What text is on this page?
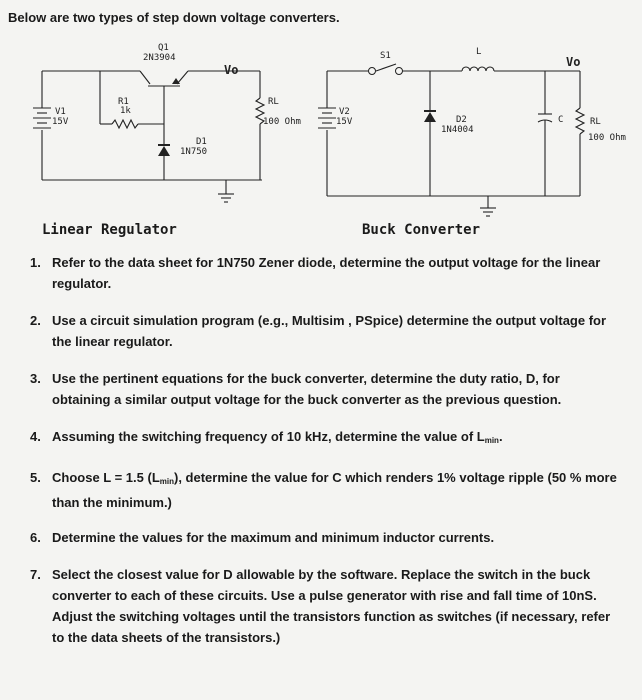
Below are two types of step down voltage converters.
Q1
2N3904
Vo
R1
1k
V1
15V
RL
100 Ohm
D1
1N750
S1	L
Vo
V2
15V	D2
1N4004
C	RL
100 Ohm
Linear Regulator	Buck Converter
1. Refer to the data sheet for 1N750 Zener diode, determine the output voltage for the linear regulator.
2. Use a circuit simulation program (e.g., Multisim , PSpice) determine the output voltage for the linear regulator.
3. Use the pertinent equations for the buck converter, determine the duty ratio, D, for obtaining a similar output voltage for the buck converter as the previous question.
4. Assuming the switching frequency of 10 kHz, determine the value of $L_{min}$.
5. Choose L = 1.5 $(L_{min})$, determine the value for C which renders 1% voltage ripple (50 % more than the minimum.)
6. Determine the values for the maximum and minimum inductor currents.
7. Select the closest value for D allowable by the software. Replace the switch in the buck converter to each of these circuits. Use a pulse generator with rise and fall time of 10nS. Adjust the switching voltages until the transistors function as switches (if necessary, refer to the data sheets of the transistors.)
